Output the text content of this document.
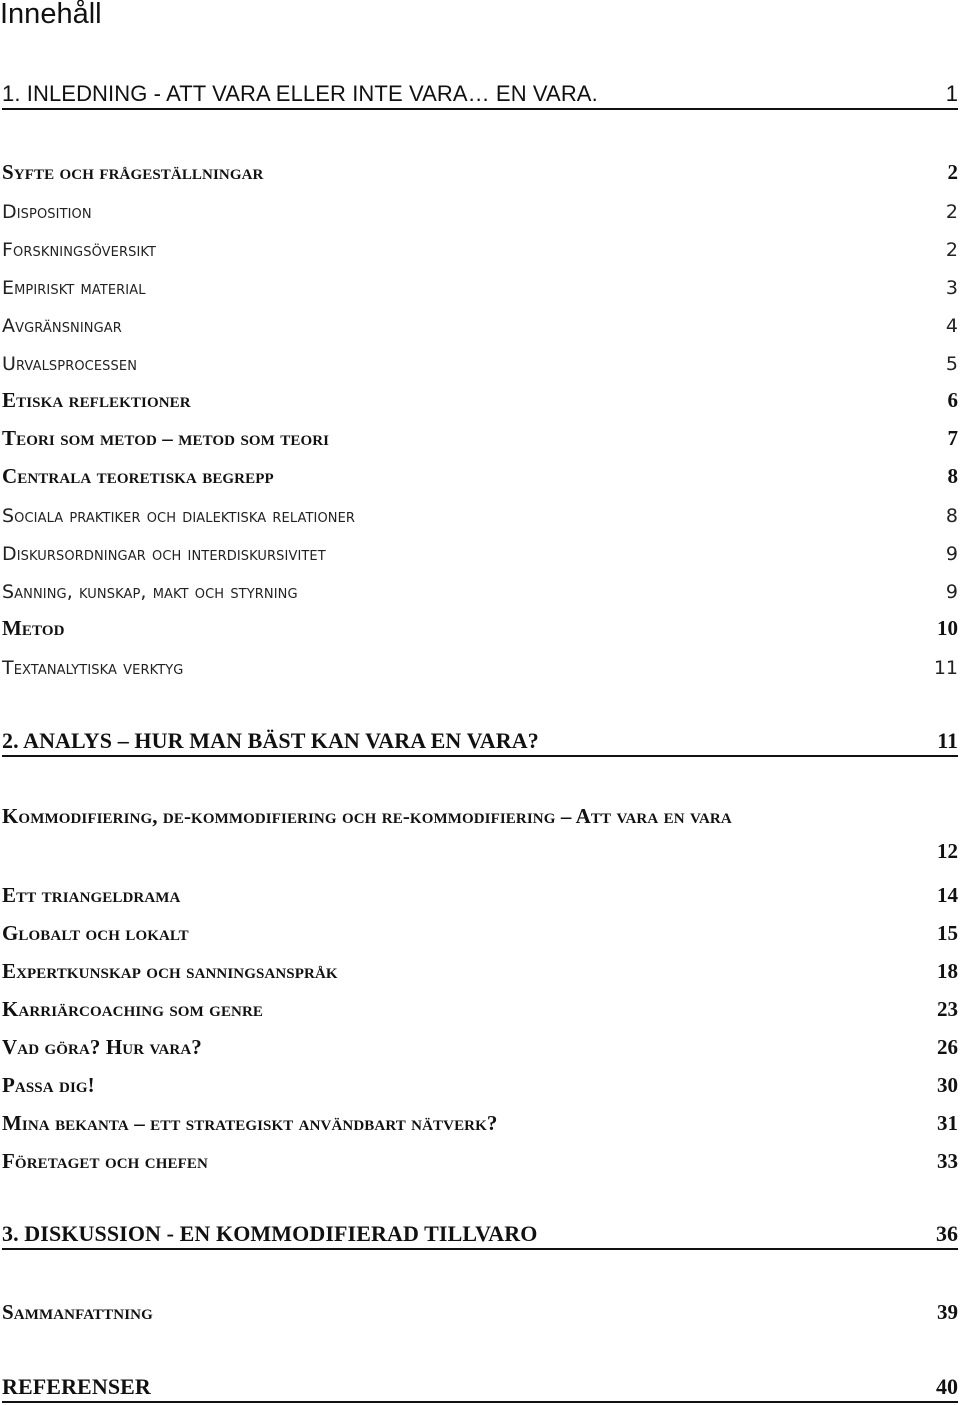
Innehåll
1. INLEDNING - ATT VARA ELLER INTE VARA… EN VARA.	1
Syfte och frågeställningar	2
Disposition	2
Forskningsöversikt	2
Empiriskt material	3
Avgränsningar	4
Urvalsprocessen	5
Etiska reflektioner	6
Teori som metod – metod som teori	7
Centrala teoretiska begrepp	8
Sociala praktiker och dialektiska relationer	8
Diskursordningar och interdiskursivitet	9
Sanning, kunskap, makt och styrning	9
Metod	10
Textanalytiska verktyg	11
2. ANALYS – HUR MAN BÄST KAN VARA EN VARA?	11
Kommodifiering, de-kommodifiering och re-kommodifiering – Att vara en vara
12
Ett triangeldrama	14
Globalt och lokalt	15
Expertkunskap och sanningsanspråk	18
Karriärcoaching som genre	23
Vad göra? Hur vara?	26
Passa dig!	30
Mina bekanta – ett strategiskt användbart nätverk?	31
Företaget och chefen	33
3. DISKUSSION - EN KOMMODIFIERAD TILLVARO	36
Sammanfattning	39
REFERENSER	40
